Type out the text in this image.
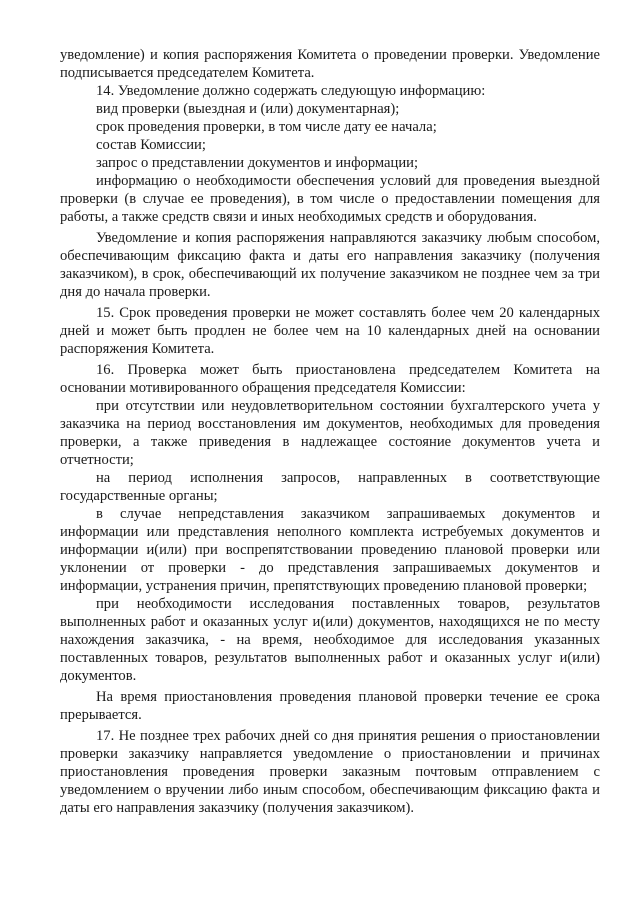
уведомление) и копия распоряжения Комитета о проведении проверки. Уведомление подписывается председателем Комитета.

14. Уведомление должно содержать следующую информацию:

вид проверки (выездная и (или) документарная);

срок проведения проверки, в том числе дату ее начала;

состав Комиссии;

запрос о представлении документов и информации;

информацию о необходимости обеспечения условий для проведения выездной проверки (в случае ее проведения), в том числе о предоставлении помещения для работы, а также средств связи и иных необходимых средств и оборудования.

Уведомление и копия распоряжения направляются заказчику любым способом, обеспечивающим фиксацию факта и даты его направления заказчику (получения заказчиком), в срок, обеспечивающий их получение заказчиком не позднее чем за три дня до начала проверки.

15. Срок проведения проверки не может составлять более чем 20 календарных дней и может быть продлен не более чем на 10 календарных дней на основании распоряжения Комитета.

16. Проверка может быть приостановлена председателем Комитета на основании мотивированного обращения председателя Комиссии:

при отсутствии или неудовлетворительном состоянии бухгалтерского учета у заказчика на период восстановления им документов, необходимых для проведения проверки, а также приведения в надлежащее состояние документов учета и отчетности;

на период исполнения запросов, направленных в соответствующие государственные органы;

в случае непредставления заказчиком запрашиваемых документов и информации или представления неполного комплекта истребуемых документов и информации и(или) при воспрепятствовании проведению плановой проверки или уклонении от проверки - до представления запрашиваемых документов и информации, устранения причин, препятствующих проведению плановой проверки;

при необходимости исследования поставленных товаров, результатов выполненных работ и оказанных услуг и(или) документов, находящихся не по месту нахождения заказчика, - на время, необходимое для исследования указанных поставленных товаров, результатов выполненных работ и оказанных услуг и(или) документов.

На время приостановления проведения плановой проверки течение ее срока прерывается.

17. Не позднее трех рабочих дней со дня принятия решения о приостановлении проверки заказчику направляется уведомление о приостановлении и причинах приостановления проведения проверки заказным почтовым отправлением с уведомлением о вручении либо иным способом, обеспечивающим фиксацию факта и даты его направления заказчику (получения заказчиком).
